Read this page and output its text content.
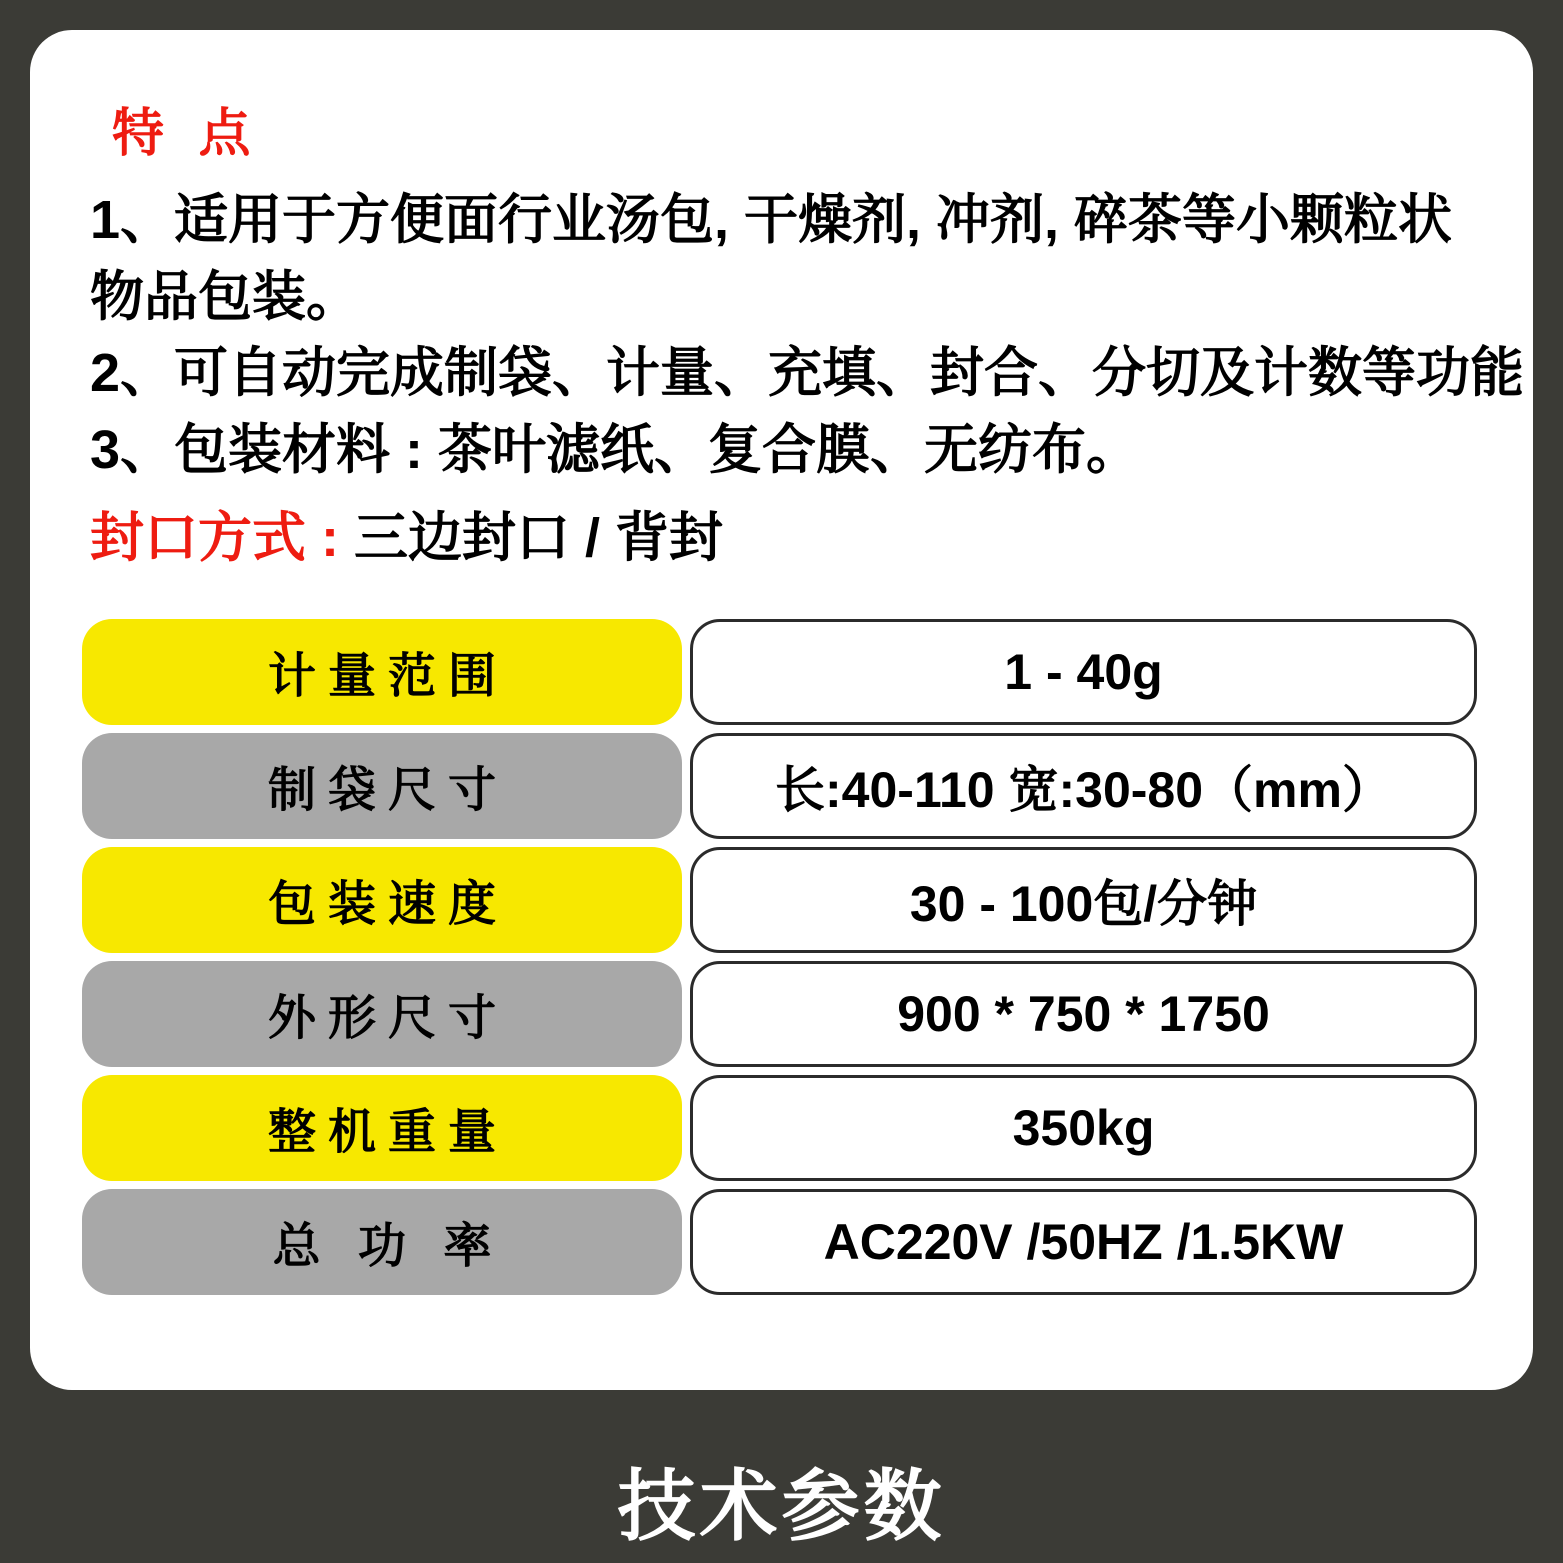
特 点
1、适用于方便面行业汤包, 干燥剂, 冲剂, 碎茶等小颗粒状物品包装。
2、可自动完成制袋、计量、充填、封合、分切及计数等功能
3、包装材料 : 茶叶滤纸、复合膜、无纺布。
封口方式 : 三边封口 / 背封
计量范围	1 - 40g
制袋尺寸	长:40-110 宽:30-80（mm）
包装速度	30 - 100包/分钟
外形尺寸	900 * 750 * 1750
整机重量	350kg
总 功 率	AC220V /50HZ /1.5KW
技术参数
